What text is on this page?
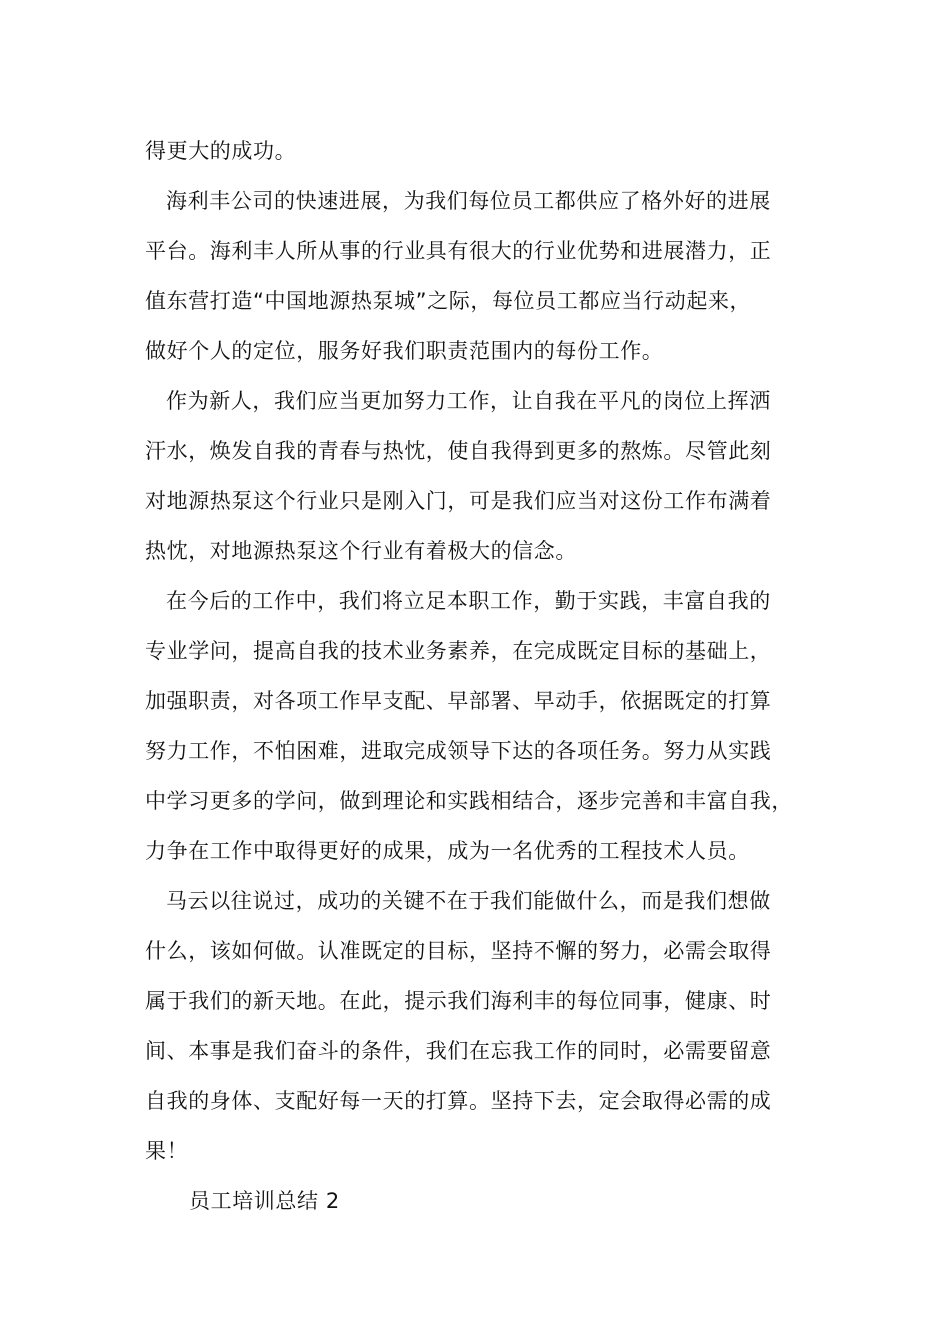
得更大的成功。
海利丰公司的快速进展，为我们每位员工都供应了格外好的进展
平台。海利丰人所从事的行业具有很大的行业优势和进展潜力，正
值东营打造“中国地源热泵城”之际，每位员工都应当行动起来，
做好个人的定位，服务好我们职责范围内的每份工作。
作为新人，我们应当更加努力工作，让自我在平凡的岗位上挥洒
汗水，焕发自我的青春与热忱，使自我得到更多的熬炼。尽管此刻
对地源热泵这个行业只是刚入门，可是我们应当对这份工作布满着
热忱，对地源热泵这个行业有着极大的信念。
在今后的工作中，我们将立足本职工作，勤于实践，丰富自我的
专业学问，提高自我的技术业务素养，在完成既定目标的基础上，
加强职责，对各项工作早支配、早部署、早动手，依据既定的打算
努力工作，不怕困难，进取完成领导下达的各项任务。努力从实践
中学习更多的学问，做到理论和实践相结合，逐步完善和丰富自我，
力争在工作中取得更好的成果，成为一名优秀的工程技术人员。
马云以往说过，成功的关键不在于我们能做什么，而是我们想做
什么，该如何做。认准既定的目标，坚持不懈的努力，必需会取得
属于我们的新天地。在此，提示我们海利丰的每位同事，健康、时
间、本事是我们奋斗的条件，我们在忘我工作的同时，必需要留意
自我的身体、支配好每一天的打算。坚持下去，定会取得必需的成
果！
员工培训总结 2
